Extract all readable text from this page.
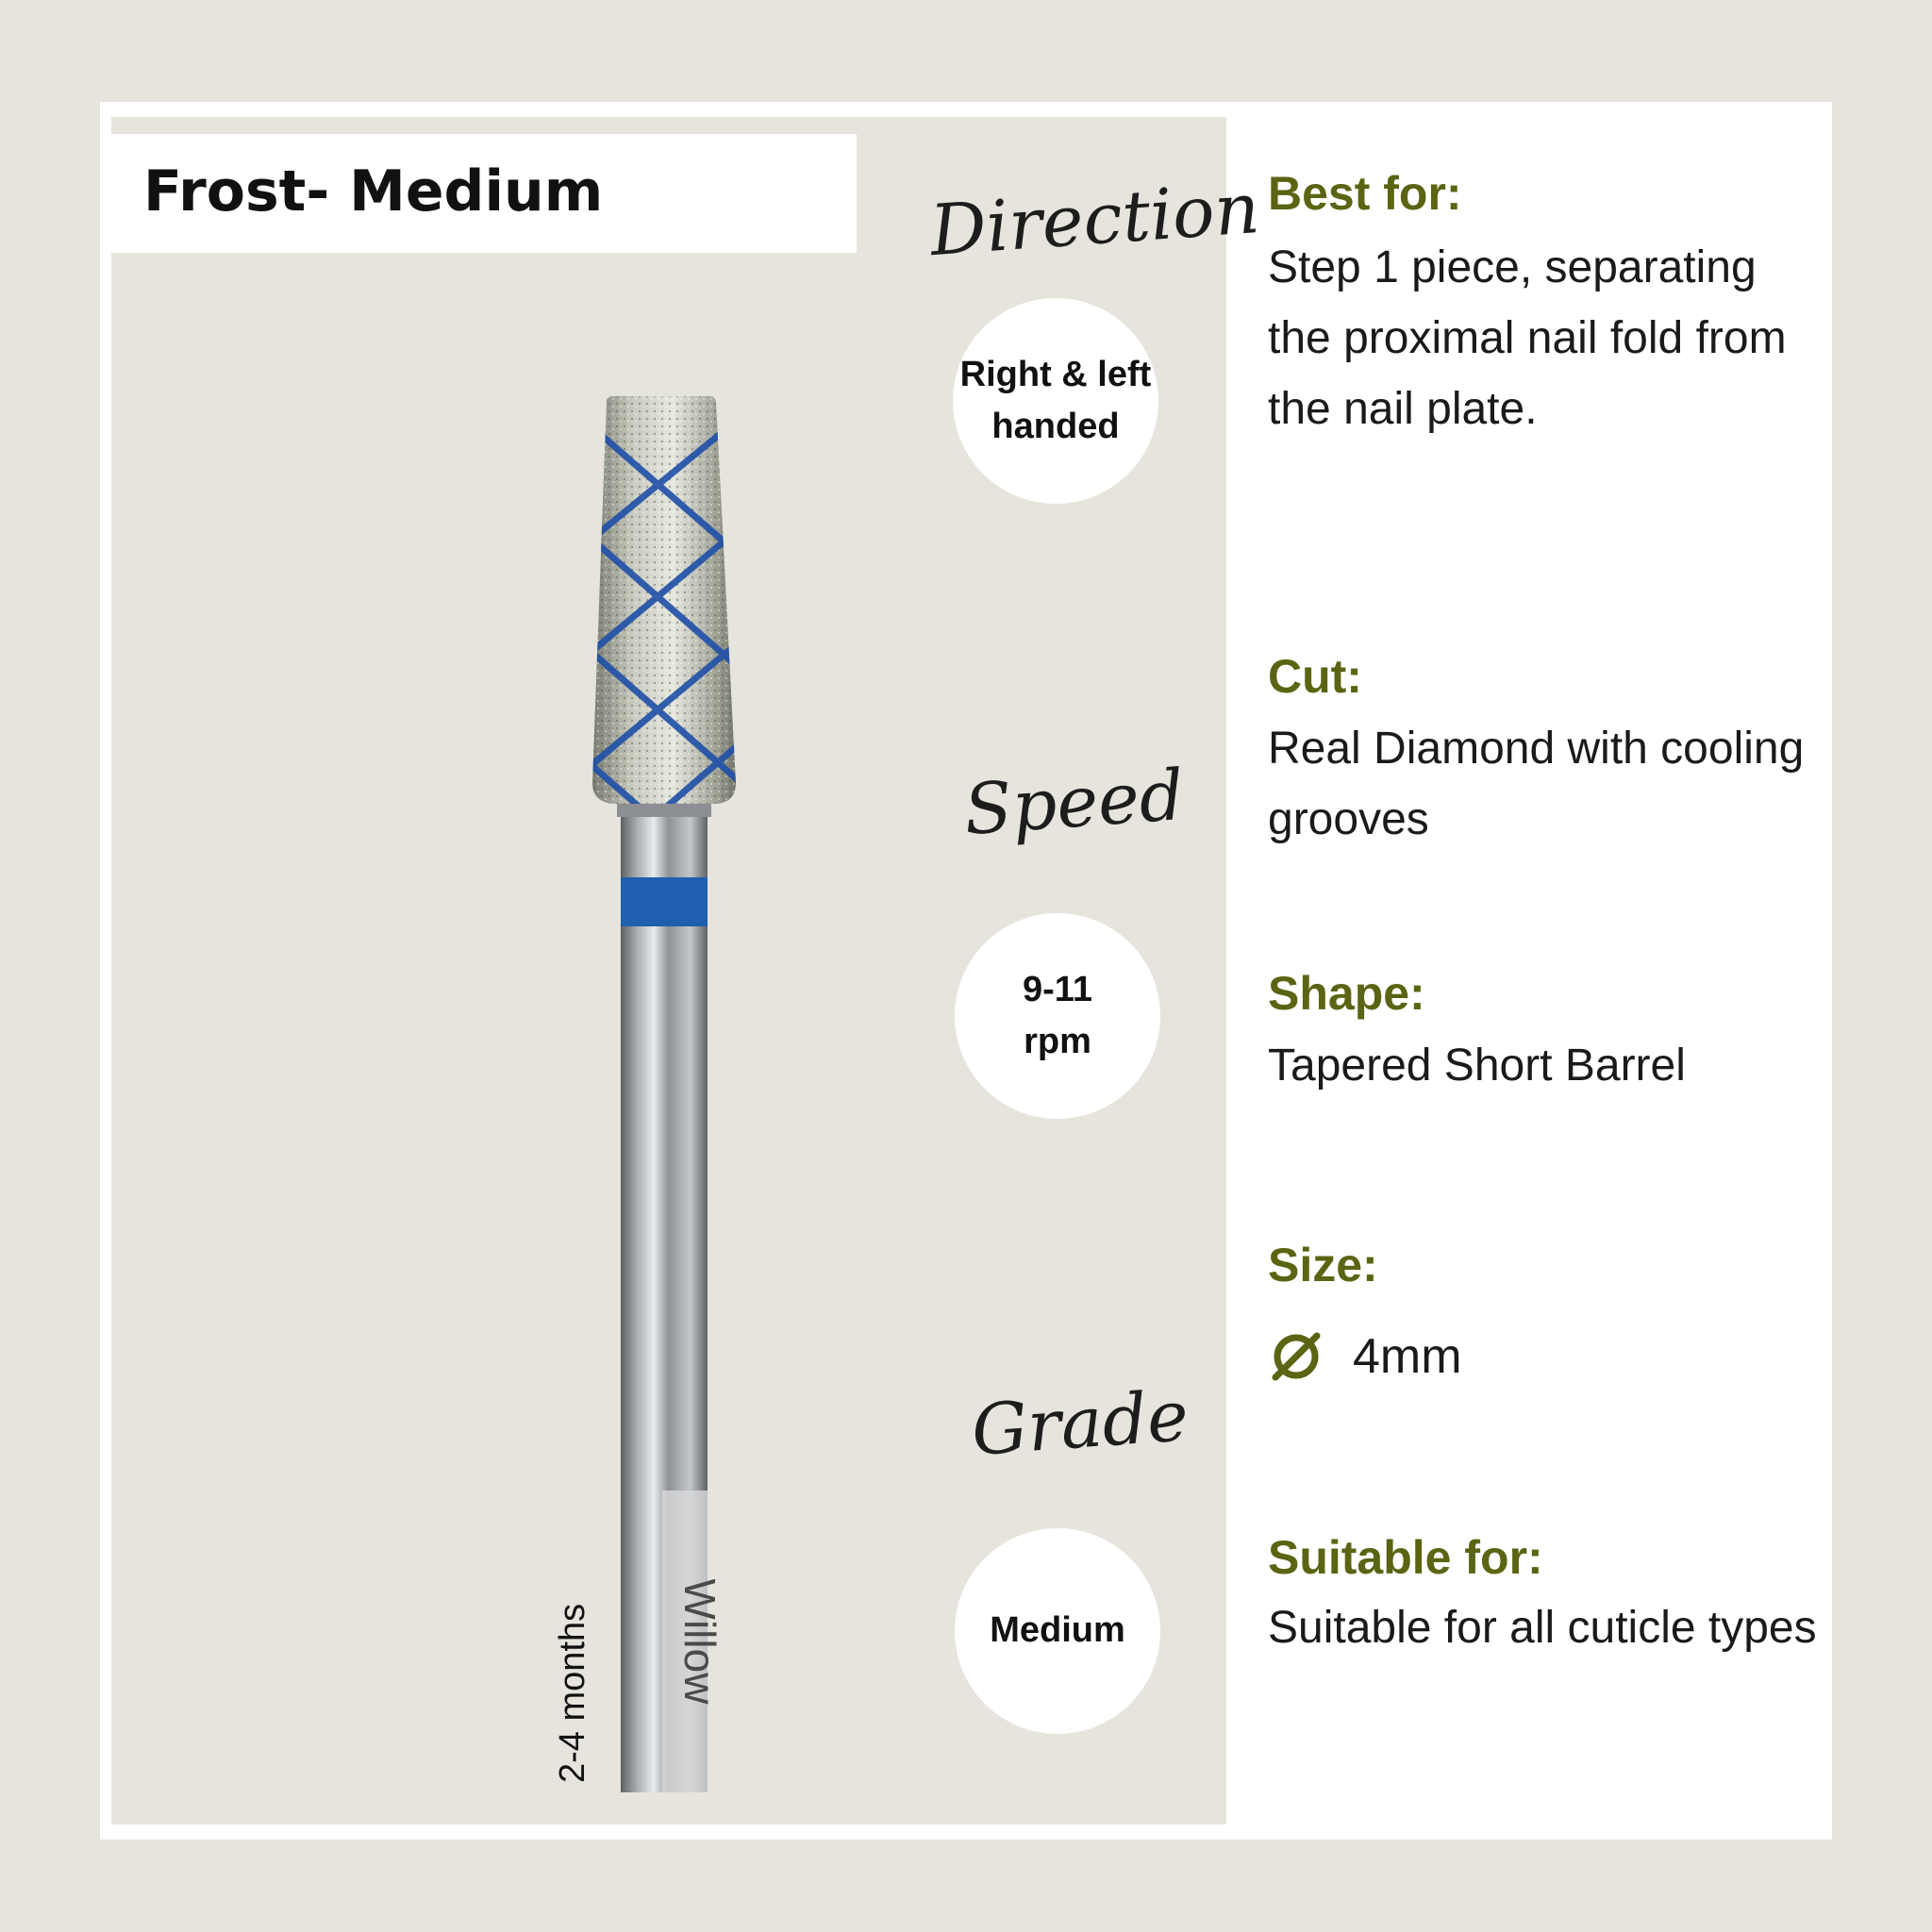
Frost- Medium	Direction
Right & left
handed
Speed
9-11
rpm
Grade
Medium
Willow
2-4 months
Best for:
Step 1 piece, separating the proximal nail fold from the nail plate.
Cut:
Real Diamond with cooling grooves
Shape:
Tapered Short Barrel
Size:
4mm
Suitable for:
Suitable for all cuticle types
